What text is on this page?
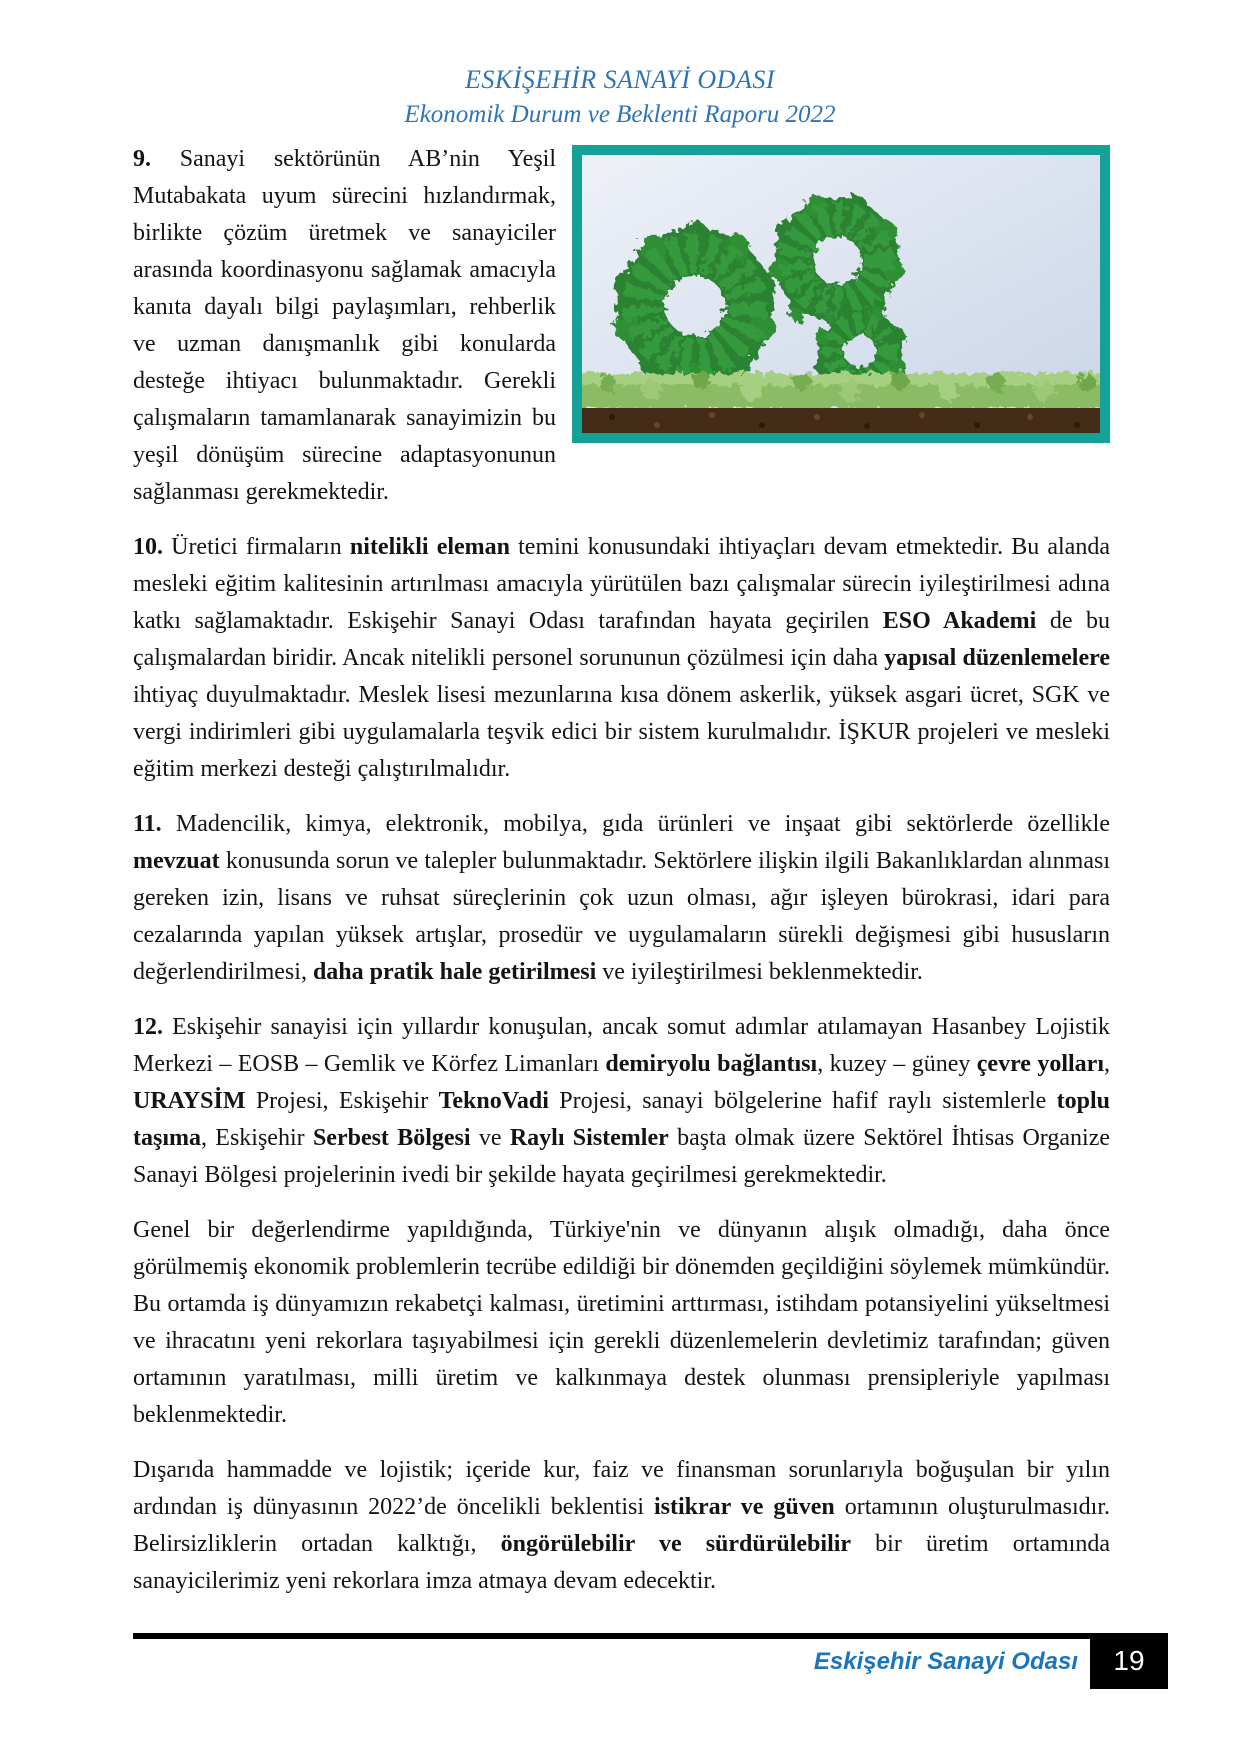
ESKİŞEHİR SANAYİ ODASI
Ekonomik Durum ve Beklenti Raporu 2022
9. Sanayi sektörünün AB’nin Yeşil Mutabakata uyum sürecini hızlandırmak, birlikte çözüm üretmek ve sanayiciler arasında koordinasyonu sağlamak amacıyla kanıta dayalı bilgi paylaşımları, rehberlik ve uzman danışmanlık gibi konularda desteğe ihtiyacı bulunmaktadır. Gerekli çalışmaların tamamlanarak sanayimizin bu yeşil dönüşüm sürecine adaptasyonunun sağlanması gerekmektedir.
10. Üretici firmaların nitelikli eleman temini konusundaki ihtiyaçları devam etmektedir. Bu alanda mesleki eğitim kalitesinin artırılması amacıyla yürütülen bazı çalışmalar sürecin iyileştirilmesi adına katkı sağlamaktadır. Eskişehir Sanayi Odası tarafından hayata geçirilen ESO Akademi de bu çalışmalardan biridir. Ancak nitelikli personel sorununun çözülmesi için daha yapısal düzenlemelere ihtiyaç duyulmaktadır. Meslek lisesi mezunlarına kısa dönem askerlik, yüksek asgari ücret, SGK ve vergi indirimleri gibi uygulamalarla teşvik edici bir sistem kurulmalıdır. İŞKUR projeleri ve mesleki eğitim merkezi desteği çalıştırılmalıdır.
11. Madencilik, kimya, elektronik, mobilya, gıda ürünleri ve inşaat gibi sektörlerde özellikle mevzuat konusunda sorun ve talepler bulunmaktadır. Sektörlere ilişkin ilgili Bakanlıklardan alınması gereken izin, lisans ve ruhsat süreçlerinin çok uzun olması, ağır işleyen bürokrasi, idari para cezalarında yapılan yüksek artışlar, prosedür ve uygulamaların sürekli değişmesi gibi hususların değerlendirilmesi, daha pratik hale getirilmesi ve iyileştirilmesi beklenmektedir.
12. Eskişehir sanayisi için yıllardır konuşulan, ancak somut adımlar atılamayan Hasanbey Lojistik Merkezi – EOSB – Gemlik ve Körfez Limanları demiryolu bağlantısı, kuzey – güney çevre yolları, URAYSİM Projesi, Eskişehir TeknoVadi Projesi, sanayi bölgelerine hafif raylı sistemlerle toplu taşıma, Eskişehir Serbest Bölgesi ve Raylı Sistemler başta olmak üzere Sektörel İhtisas Organize Sanayi Bölgesi projelerinin ivedi bir şekilde hayata geçirilmesi gerekmektedir.
Genel bir değerlendirme yapıldığında, Türkiye'nin ve dünyanın alışık olmadığı, daha önce görülmemiş ekonomik problemlerin tecrübe edildiği bir dönemden geçildiğini söylemek mümkündür. Bu ortamda iş dünyamızın rekabetçi kalması, üretimini arttırması, istihdam potansiyelini yükseltmesi ve ihracatını yeni rekorlara taşıyabilmesi için gerekli düzenlemelerin devletimiz tarafından; güven ortamının yaratılması, milli üretim ve kalkınmaya destek olunması prensipleriyle yapılması beklenmektedir.
Dışarıda hammadde ve lojistik; içeride kur, faiz ve finansman sorunlarıyla boğuşulan bir yılın ardından iş dünyasının 2022’de öncelikli beklentisi istikrar ve güven ortamının oluşturulmasıdır. Belirsizliklerin ortadan kalktığı, öngörülebilir ve sürdürülebilir bir üretim ortamında sanayicilerimiz yeni rekorlara imza atmaya devam edecektir.
Eskişehir Sanayi Odası 19
